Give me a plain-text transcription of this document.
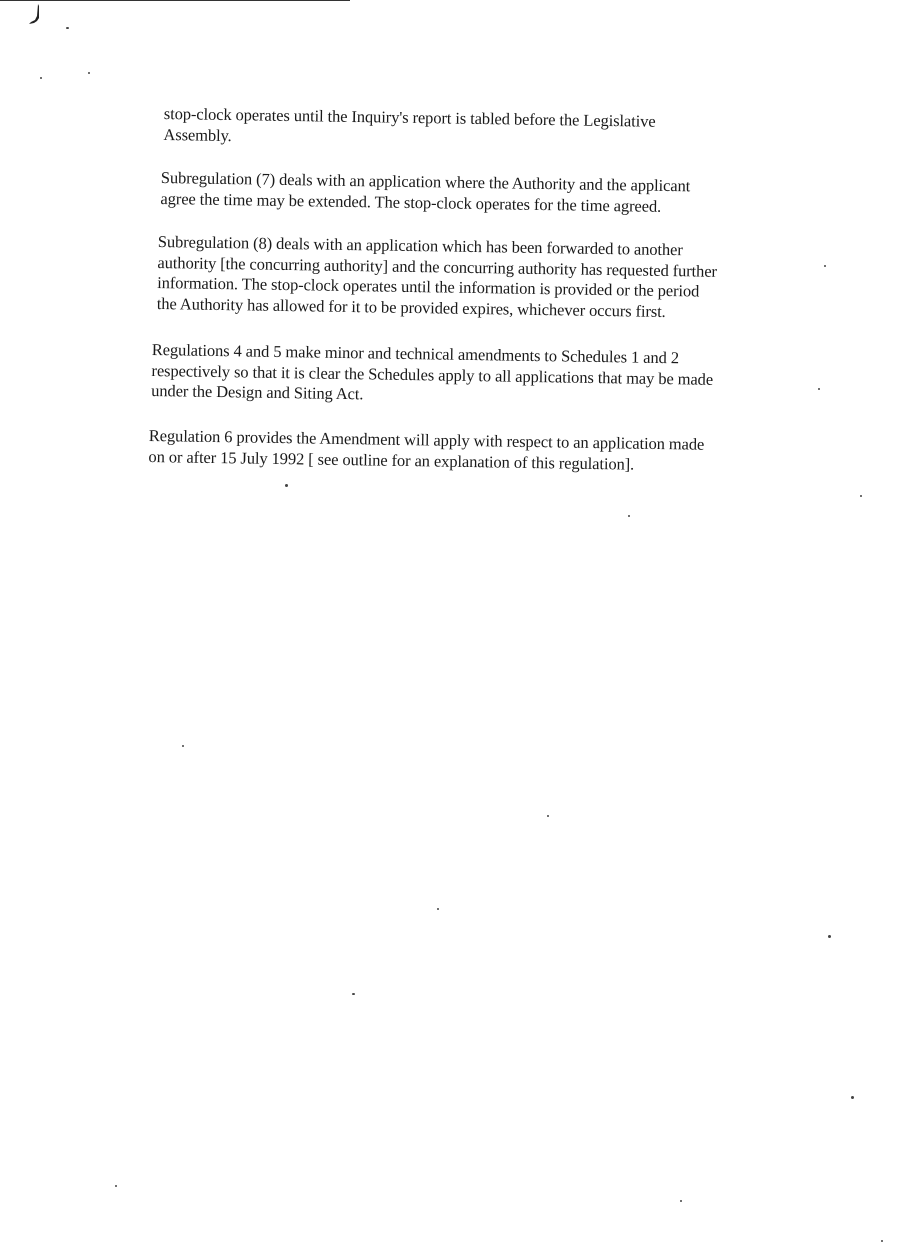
stop-clock operates until the Inquiry's report is tabled before the Legislative
Assembly.

Subregulation (7) deals with an application where the Authority and the applicant
agree the time may be extended. The stop-clock operates for the time agreed.

Subregulation (8) deals with an application which has been forwarded to another
authority [the concurring authority] and the concurring authority has requested further
information. The stop-clock operates until the information is provided or the period
the Authority has allowed for it to be provided expires, whichever occurs first.

Regulations 4 and 5 make minor and technical amendments to Schedules 1 and 2
respectively so that it is clear the Schedules apply to all applications that may be made
under the Design and Siting Act.

Regulation 6 provides the Amendment will apply with respect to an application made
on or after 15 July 1992 [ see outline for an explanation of this regulation].
